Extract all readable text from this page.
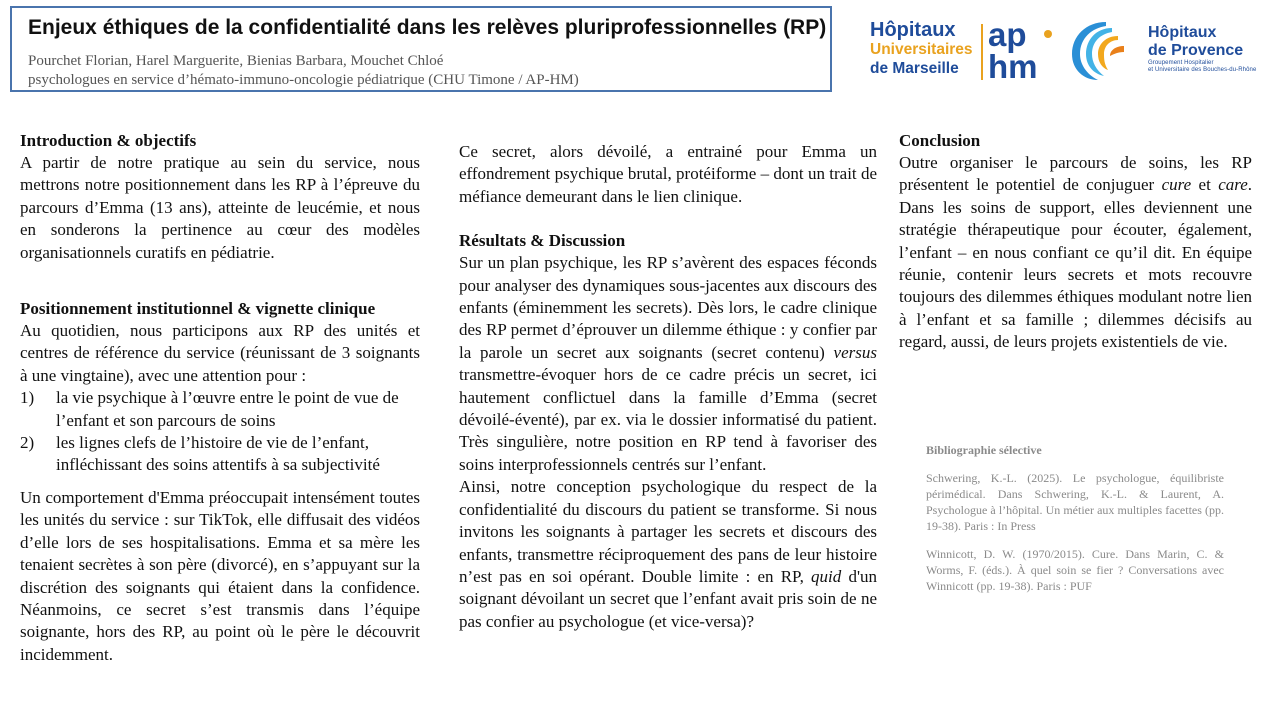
Enjeux éthiques de la confidentialité dans les relèves pluriprofessionnelles (RP)
Pourchet Florian, Harel Marguerite, Bienias Barbara, Mouchet Chloé
psychologues en service d’hémato-immuno-oncologie pédiatrique (CHU Timone / AP-HM)
Hôpitaux
Universitaires
de Marseille
ap
hm
Hôpitaux
de Provence
Groupement Hospitalier
et Universitaire des Bouches-du-Rhône
Introduction & objectifs

A partir de notre pratique au sein du service, nous mettrons notre positionnement dans les RP à l’épreuve du parcours d’Emma (13 ans), atteinte de leucémie, et nous en sonderons la pertinence au cœur des modèles organisationnels curatifs en pédiatrie.

Positionnement institutionnel & vignette clinique

Au quotidien, nous participons aux RP des unités et centres de référence du service (réunissant de 3 soignants à une vingtaine), avec une attention pour :

1) la vie psychique à l’œuvre entre le point de vue de l’enfant et son parcours de soins
2) les lignes clefs de l’histoire de vie de l’enfant, infléchissant des soins attentifs à sa subjectivité

Un comportement d'Emma préoccupait intensément toutes les unités du service : sur TikTok, elle diffusait des vidéos d’elle lors de ses hospitalisations. Emma et sa mère les tenaient secrètes à son père (divorcé), en s’appuyant sur la discrétion des soignants qui étaient dans la confidence. Néanmoins, ce secret s’est transmis dans l’équipe soignante, hors des RP, au point où le père le découvrit incidemment.

Ce secret, alors dévoilé, a entrainé pour Emma un effondrement psychique brutal, protéiforme – dont un trait de méfiance demeurant dans le lien clinique.

Résultats & Discussion

Sur un plan psychique, les RP s’avèrent des espaces féconds pour analyser des dynamiques sous-jacentes aux discours des enfants (éminemment les secrets). Dès lors, le cadre clinique des RP permet d’éprouver un dilemme éthique : y confier par la parole un secret aux soignants (secret contenu) versus transmettre-évoquer hors de ce cadre précis un secret, ici hautement conflictuel dans la famille d’Emma (secret dévoilé-éventé), par ex. via le dossier informatisé du patient. Très singulière, notre position en RP tend à favoriser des soins interprofessionnels centrés sur l’enfant.

Ainsi, notre conception psychologique du respect de la confidentialité du discours du patient se transforme. Si nous invitons les soignants à partager les secrets et discours des enfants, transmettre réciproquement des pans de leur histoire n’est pas en soi opérant. Double limite : en RP, quid d'un soignant dévoilant un secret que l’enfant avait pris soin de ne pas confier au psychologue (et vice-versa)?

Conclusion

Outre organiser le parcours de soins, les RP présentent le potentiel de conjuguer cure et care. Dans les soins de support, elles deviennent une stratégie thérapeutique pour écouter, également, l’enfant – en nous confiant ce qu’il dit. En équipe réunie, contenir leurs secrets et mots recouvre toujours des dilemmes éthiques modulant notre lien à l’enfant et sa famille ; dilemmes décisifs au regard, aussi, de leurs projets existentiels de vie.

Bibliographie sélective

Schwering, K.-L. (2025). Le psychologue, équilibriste périmédical. Dans Schwering, K.-L. & Laurent, A. Psychologue à l’hôpital. Un métier aux multiples facettes (pp. 19-38). Paris : In Press

Winnicott, D. W. (1970/2015). Cure. Dans Marin, C. & Worms, F. (éds.). À quel soin se fier ? Conversations avec Winnicott (pp. 19-38). Paris : PUF
